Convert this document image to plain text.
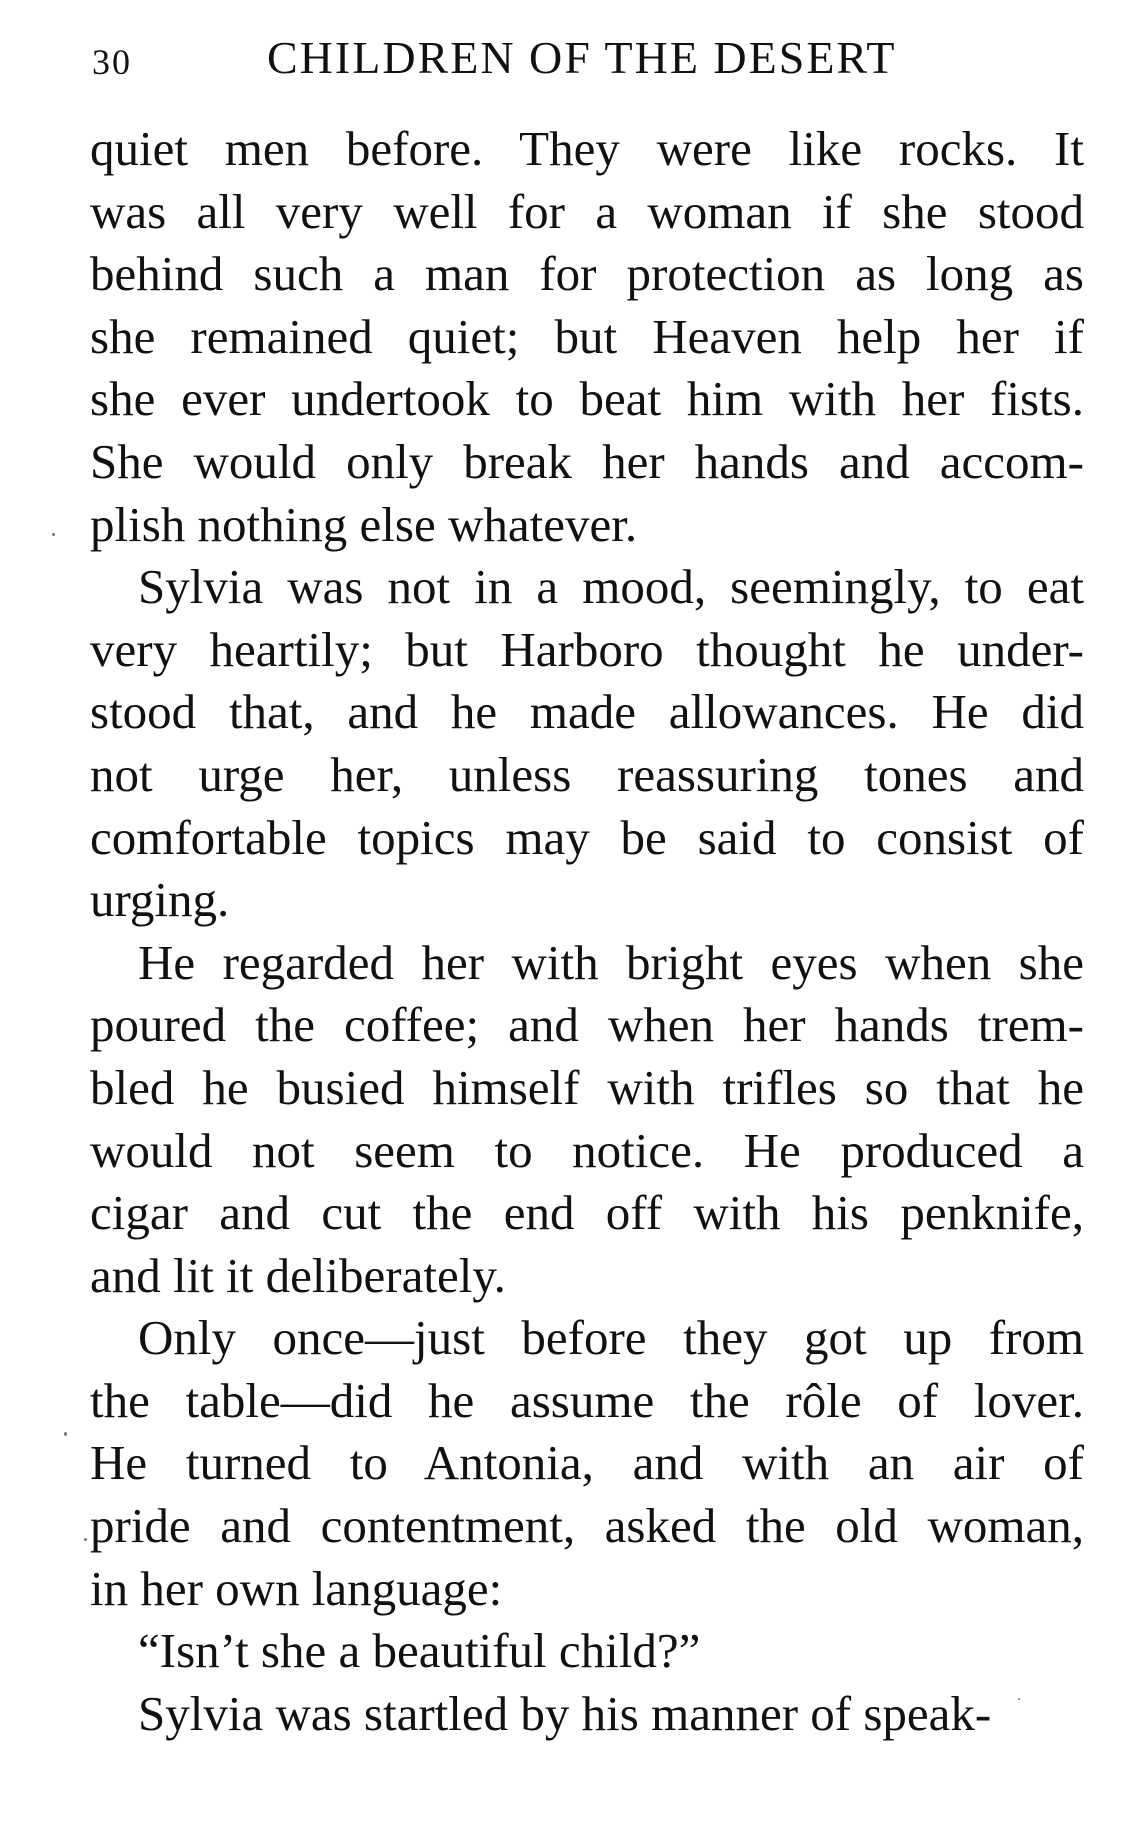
30	CHILDREN OF THE DESERT
quiet men before. They were like rocks. It
was all very well for a woman if she stood
behind such a man for protection as long as
she remained quiet; but Heaven help her if
she ever undertook to beat him with her fists.
She would only break her hands and accom-
plish nothing else whatever.
Sylvia was not in a mood, seemingly, to eat
very heartily; but Harboro thought he under-
stood that, and he made allowances. He did
not urge her, unless reassuring tones and
comfortable topics may be said to consist of
urging.
He regarded her with bright eyes when she
poured the coffee; and when her hands trem-
bled he busied himself with trifles so that he
would not seem to notice. He produced a
cigar and cut the end off with his penknife,
and lit it deliberately.
Only once—just before they got up from
the table—did he assume the rôle of lover.
He turned to Antonia, and with an air of
pride and contentment, asked the old woman,
in her own language:
“Isn’t she a beautiful child?”
Sylvia was startled by his manner of speak-
